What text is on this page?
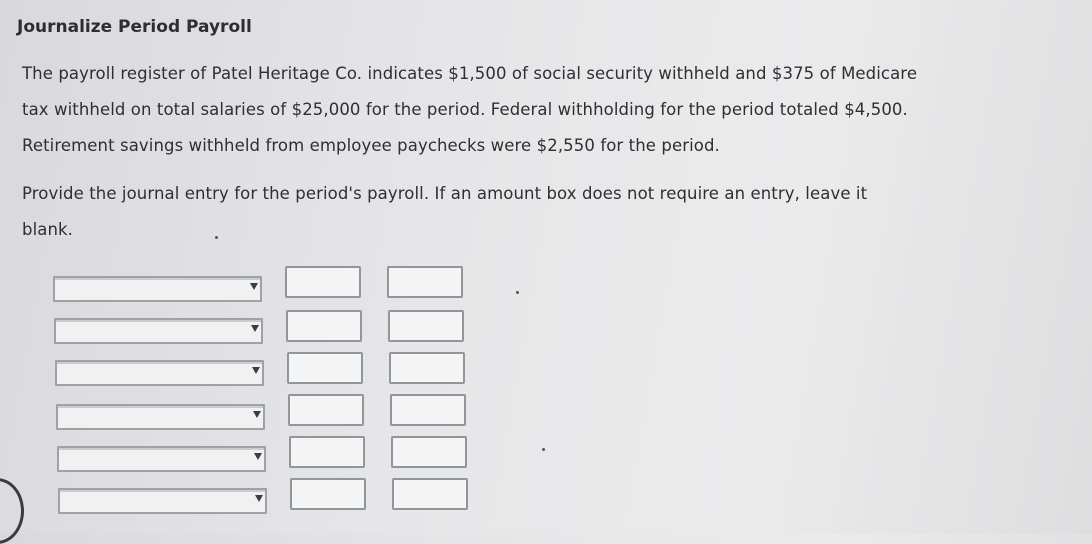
Journalize Period Payroll
The payroll register of Patel Heritage Co. indicates $1,500 of social security withheld and $375 of Medicare
tax withheld on total salaries of $25,000 for the period. Federal withholding for the period totaled $4,500.
Retirement savings withheld from employee paychecks were $2,550 for the period.
Provide the journal entry for the period's payroll. If an amount box does not require an entry, leave it
blank.
